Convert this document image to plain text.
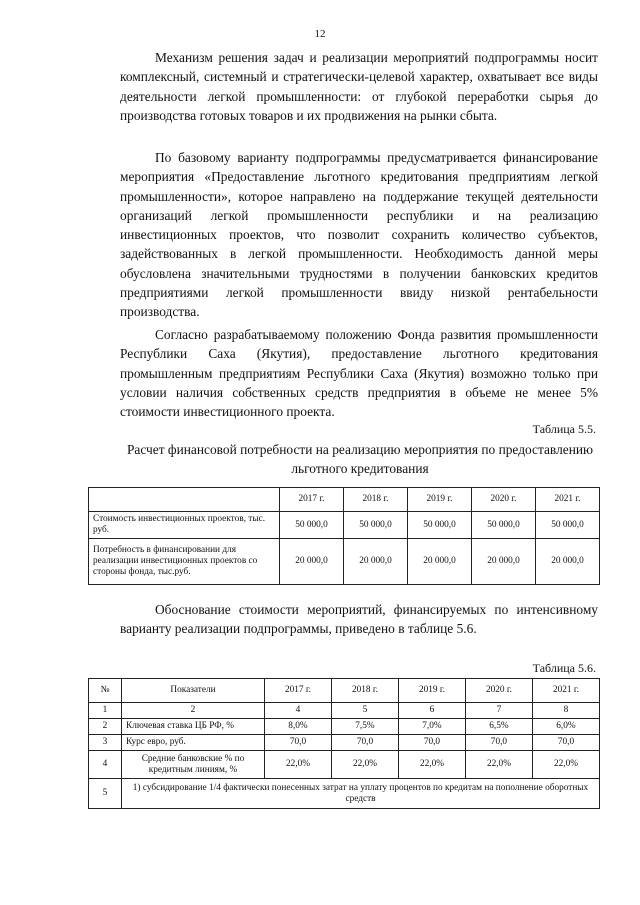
12

Механизм решения задач и реализации мероприятий подпрограммы носит комплексный, системный и стратегически-целевой характер, охватывает все виды деятельности легкой промышленности: от глубокой переработки сырья до производства готовых товаров и их продвижения на рынки сбыта.

По базовому варианту подпрограммы предусматривается финансирование мероприятия «Предоставление льготного кредитования предприятиям легкой промышленности», которое направлено на поддержание текущей деятельности организаций легкой промышленности республики и на реализацию инвестиционных проектов, что позволит сохранить количество субъектов, задействованных в легкой промышленности. Необходимость данной меры обусловлена значительными трудностями в получении банковских кредитов предприятиями легкой промышленности ввиду низкой рентабельности производства.

Согласно разрабатываемому положению Фонда развития промышленности Республики Саха (Якутия), предоставление льготного кредитования промышленным предприятиям Республики Саха (Якутия) возможно только при условии наличия собственных средств предприятия в объеме не менее 5% стоимости инвестиционного проекта.

Таблица 5.5.
Расчет финансовой потребности на реализацию мероприятия по предоставлению льготного кредитования
	2017 г.	2018 г.	2019 г.	2020 г.	2021 г.
Стоимость инвестиционных проектов, тыс. руб.	50 000,0	50 000,0	50 000,0	50 000,0	50 000,0
Потребность в финансировании для реализации инвестиционных проектов со стороны фонда, тыс.руб.	20 000,0	20 000,0	20 000,0	20 000,0	20 000,0

Обоснование стоимости мероприятий, финансируемых по интенсивному варианту реализации подпрограммы, приведено в таблице 5.6.

Таблица 5.6.
№	Показатели	2017 г.	2018 г.	2019 г.	2020 г.	2021 г.
1	2	4	5	6	7	8
2	Ключевая ставка ЦБ РФ, %	8,0%	7,5%	7,0%	6,5%	6,0%
3	Курс евро, руб.	70,0	70,0	70,0	70,0	70,0
4	Средние банковские % по кредитным линиям, %	22,0%	22,0%	22,0%	22,0%	22,0%
5	1) субсидирование 1/4 фактически понесенных затрат на уплату процентов по кредитам на пополнение оборотных средств					
